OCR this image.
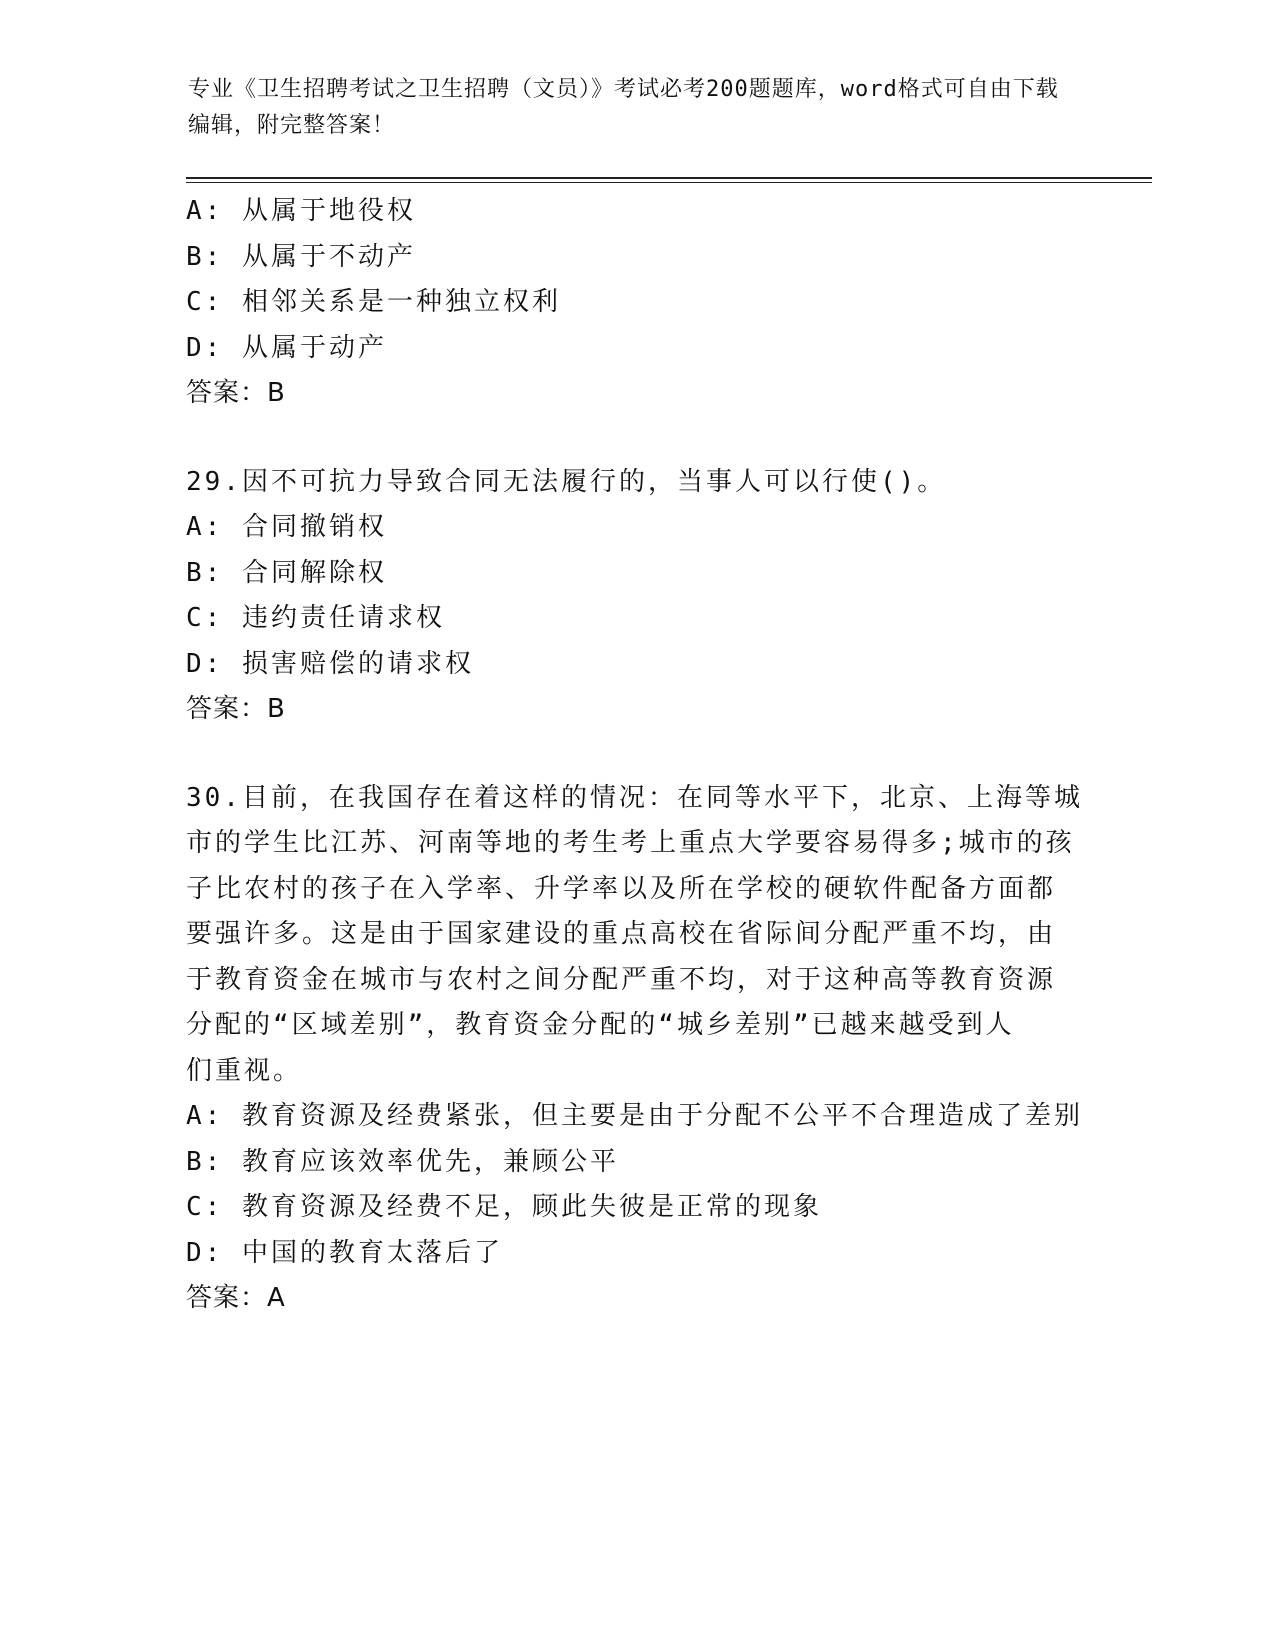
专业《卫生招聘考试之卫生招聘（文员）》考试必考200题题库，word格式可自由下载编辑，附完整答案！
A: 从属于地役权
B: 从属于不动产
C: 相邻关系是一种独立权利
D: 从属于动产
答案：B
29.因不可抗力导致合同无法履行的，当事人可以行使()。
A: 合同撤销权
B: 合同解除权
C: 违约责任请求权
D: 损害赔偿的请求权
答案：B
30.目前，在我国存在着这样的情况：在同等水平下，北京、上海等城
市的学生比江苏、河南等地的考生考上重点大学要容易得多;城市的孩
子比农村的孩子在入学率、升学率以及所在学校的硬软件配备方面都
要强许多。这是由于国家建设的重点高校在省际间分配严重不均，由
于教育资金在城市与农村之间分配严重不均，对于这种高等教育资源
分配的“区域差别”，教育资金分配的“城乡差别”已越来越受到人
们重视。
A: 教育资源及经费紧张，但主要是由于分配不公平不合理造成了差别
B: 教育应该效率优先，兼顾公平
C: 教育资源及经费不足，顾此失彼是正常的现象
D: 中国的教育太落后了
答案：A
